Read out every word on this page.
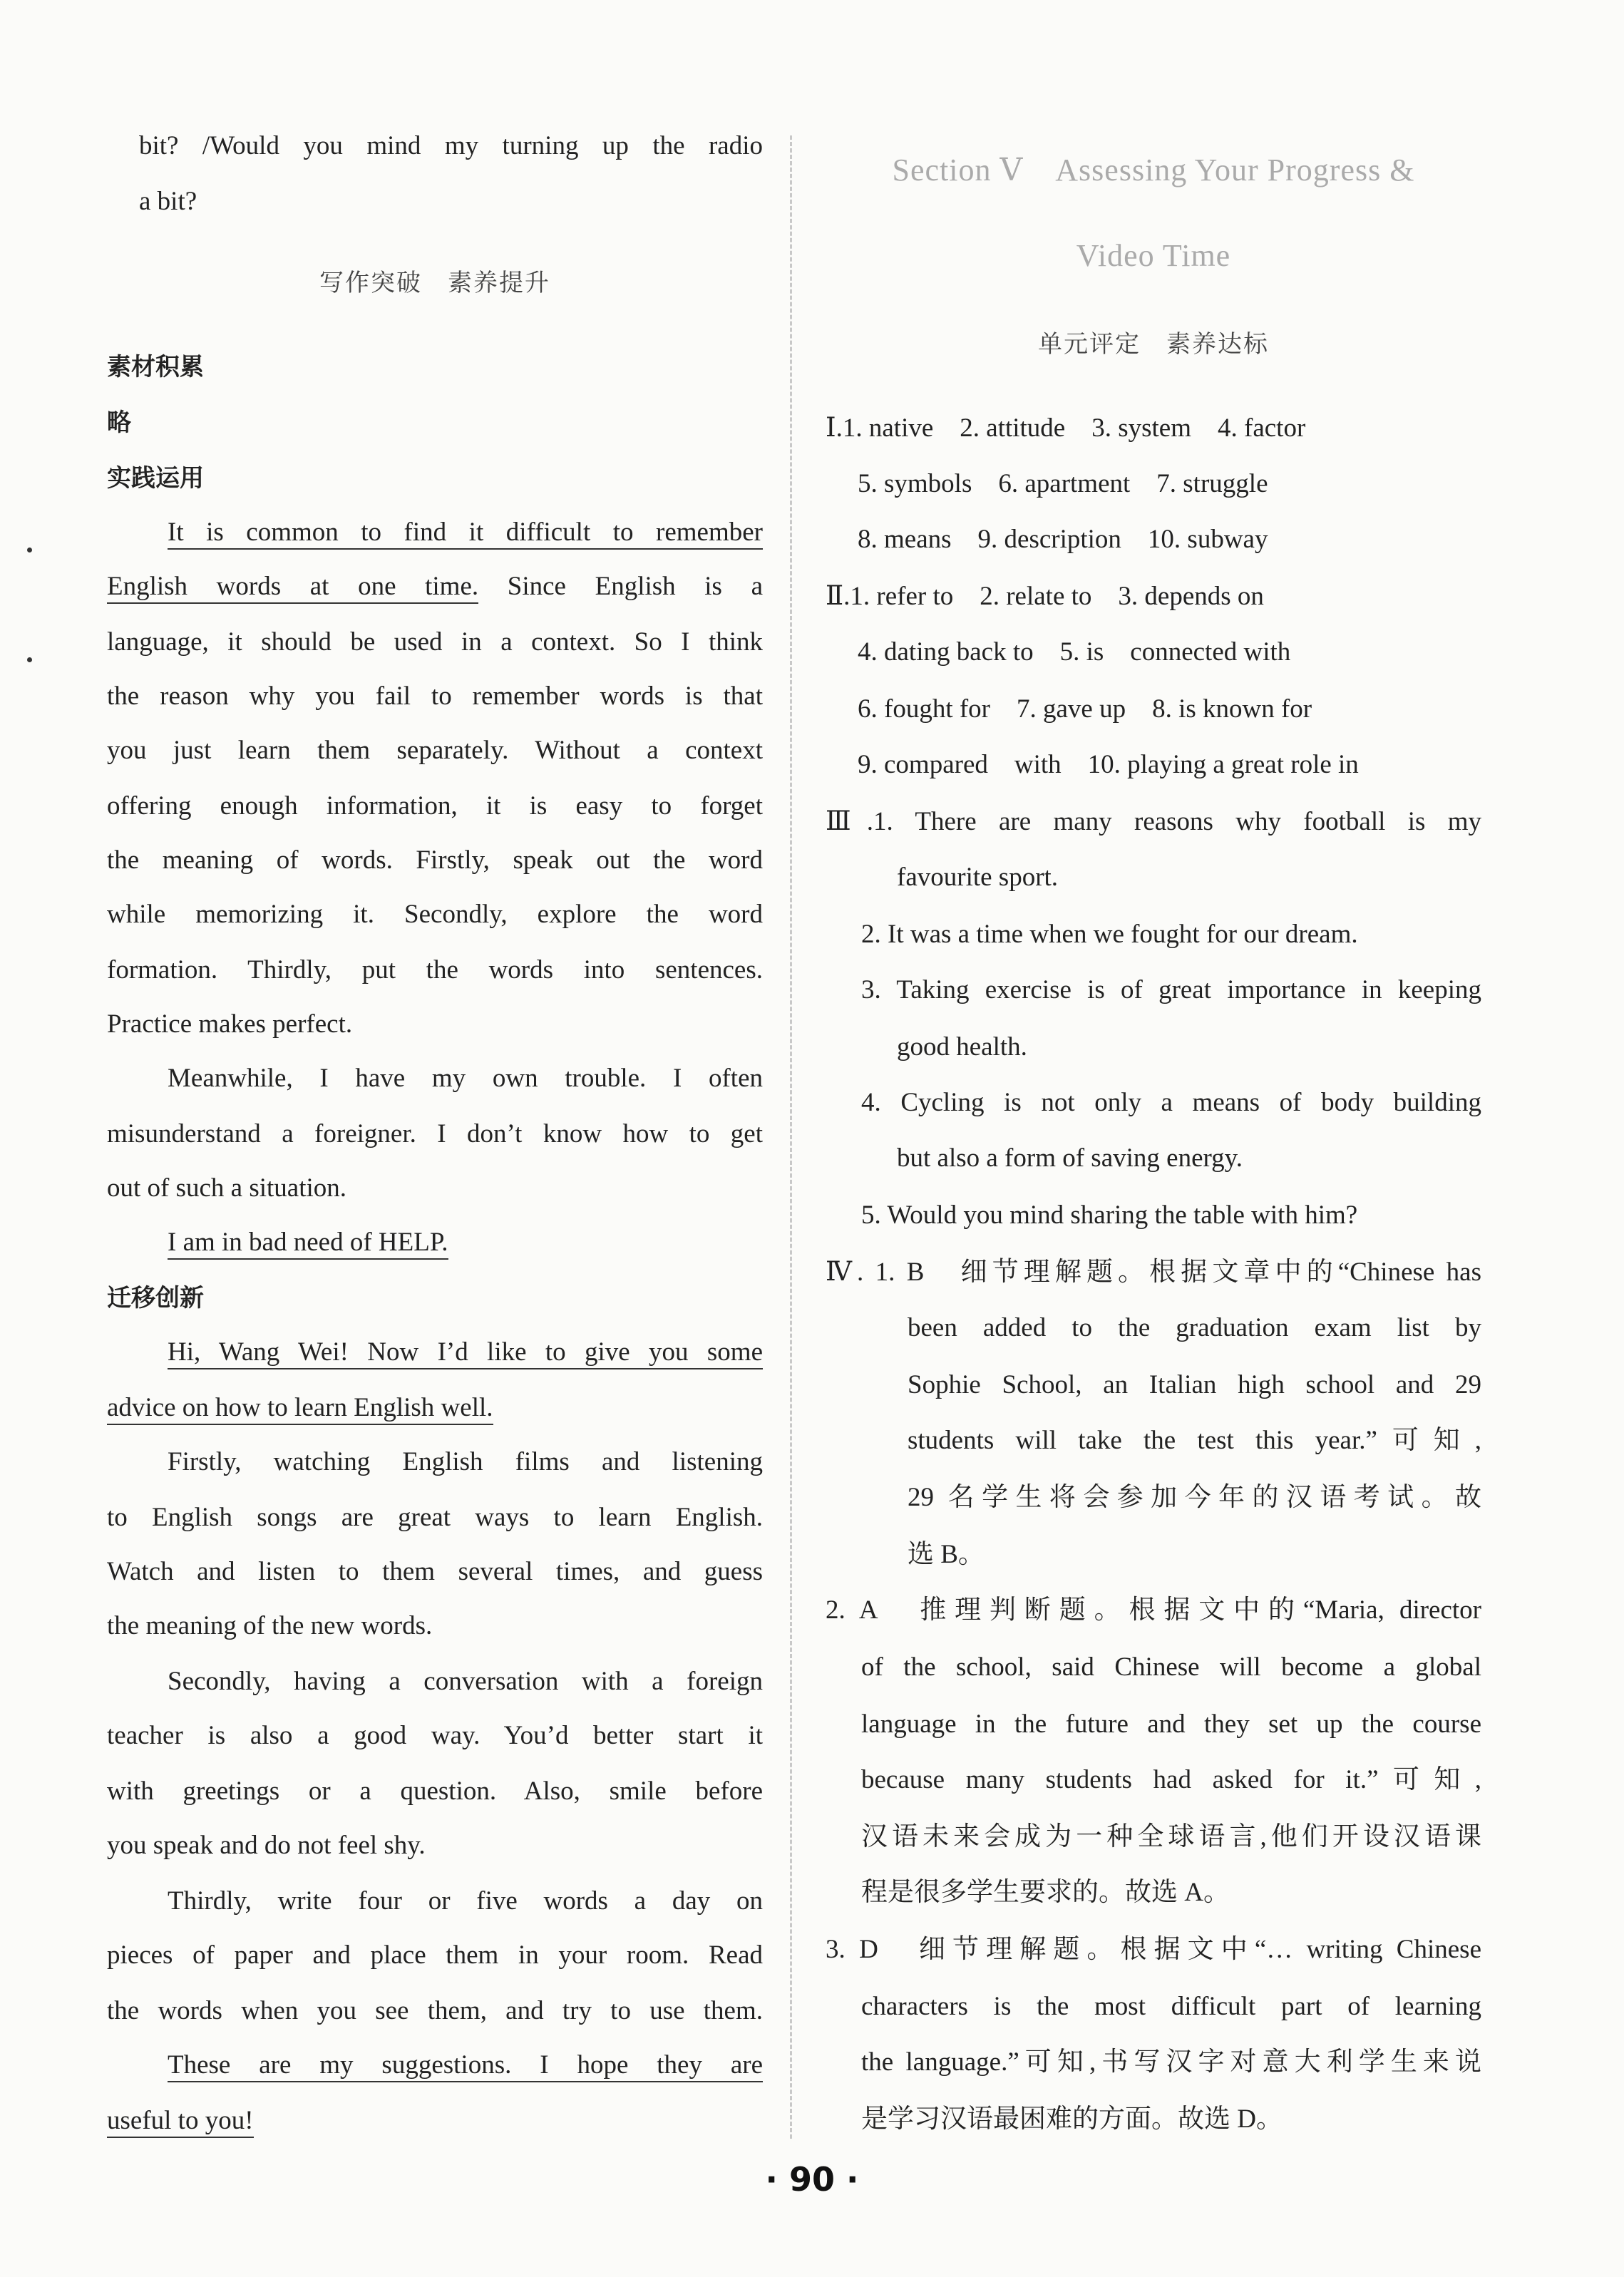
bit? /Would you mind my turning up the radio
a bit?
写作突破　素养提升
素材积累
略
实践运用
It is common to find it difficult to remember
English words at one time. Since English is a
language, it should be used in a context. So I think
the reason why you fail to remember words is that
you just learn them separately. Without a context
offering enough information, it is easy to forget
the meaning of words. Firstly, speak out the word
while memorizing it. Secondly, explore the word
formation. Thirdly, put the words into sentences.
Practice makes perfect.
Meanwhile, I have my own trouble. I often
misunderstand a foreigner. I don’t know how to get
out of such a situation.
I am in bad need of HELP.
迁移创新
Hi, Wang Wei! Now I’d like to give you some
advice on how to learn English well.
Firstly, watching English films and listening
to English songs are great ways to learn English.
Watch and listen to them several times, and guess
the meaning of the new words.
Secondly, having a conversation with a foreign
teacher is also a good way. You’d better start it
with greetings or a question. Also, smile before
you speak and do not feel shy.
Thirdly, write four or five words a day on
pieces of paper and place them in your room. Read
the words when you see them, and try to use them.
These are my suggestions. I hope they are
useful to you!
Section Ⅴ　Assessing Your Progress &
Video Time
单元评定　素养达标
Ⅰ.1. native　2. attitude　3. system　4. factor
5. symbols　6. apartment　7. struggle
8. means　9. description　10. subway
Ⅱ.1. refer to　2. relate to　3. depends on
4. dating back to　5. is　connected with
6. fought for　7. gave up　8. is known for
9. compared　with　10. playing a great role in
Ⅲ.1. There are many reasons why football is my
favourite sport.
2. It was a time when we fought for our dream.
3. Taking exercise is of great importance in keeping
good health.
4. Cycling is not only a means of body building
but also a form of saving energy.
5. Would you mind sharing the table with him?
Ⅳ. 1. B　细节理解题。根据文章中的“Chinese has
been added to the graduation exam list by
Sophie School, an Italian high school and 29
students will take the test this year.”可知,
29 名学生将会参加今年的汉语考试。故
选 B。
2. A　推理判断题。根据文中的“Maria, director
of the school, said Chinese will become a global
language in the future and they set up the course
because many students had asked for it.”可知,
汉语未来会成为一种全球语言,他们开设汉语课
程是很多学生要求的。故选 A。
3. D　细节理解题。根据文中“… writing Chinese
characters is the most difficult part of learning
the language.”可知,书写汉字对意大利学生来说
是学习汉语最困难的方面。故选 D。
· 90 ·
